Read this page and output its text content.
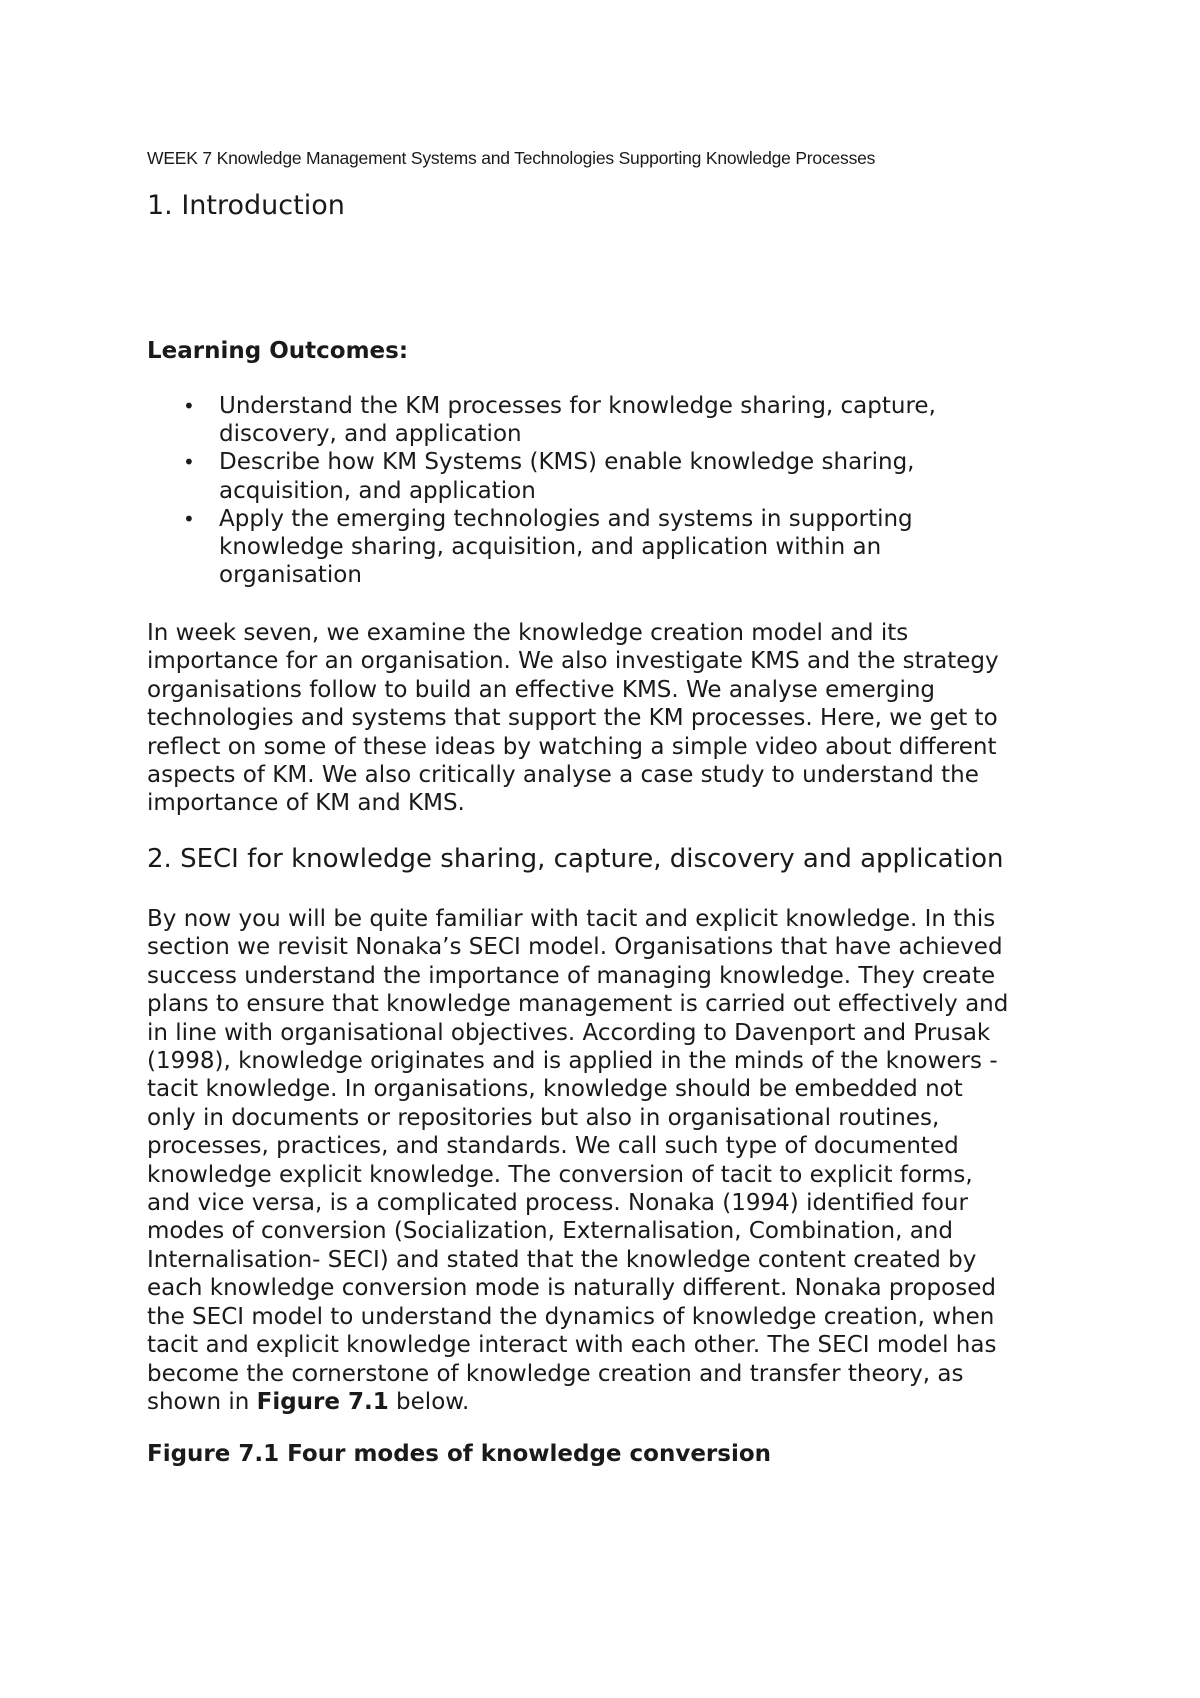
WEEK 7 Knowledge Management Systems and Technologies Supporting Knowledge Processes
1. Introduction
Learning Outcomes:
• Understand the KM processes for knowledge sharing, capture,
discovery, and application
• Describe how KM Systems (KMS) enable knowledge sharing,
acquisition, and application
• Apply the emerging technologies and systems in supporting
knowledge sharing, acquisition, and application within an
organisation
In week seven, we examine the knowledge creation model and its
importance for an organisation. We also investigate KMS and the strategy
organisations follow to build an effective KMS. We analyse emerging
technologies and systems that support the KM processes. Here, we get to
reflect on some of these ideas by watching a simple video about different
aspects of KM. We also critically analyse a case study to understand the
importance of KM and KMS.
2. SECI for knowledge sharing, capture, discovery and application
By now you will be quite familiar with tacit and explicit knowledge. In this
section we revisit Nonaka’s SECI model. Organisations that have achieved
success understand the importance of managing knowledge. They create
plans to ensure that knowledge management is carried out effectively and
in line with organisational objectives. According to Davenport and Prusak
(1998), knowledge originates and is applied in the minds of the knowers -
tacit knowledge. In organisations, knowledge should be embedded not
only in documents or repositories but also in organisational routines,
processes, practices, and standards. We call such type of documented
knowledge explicit knowledge. The conversion of tacit to explicit forms,
and vice versa, is a complicated process. Nonaka (1994) identified four
modes of conversion (Socialization, Externalisation, Combination, and
Internalisation- SECI) and stated that the knowledge content created by
each knowledge conversion mode is naturally different. Nonaka proposed
the SECI model to understand the dynamics of knowledge creation, when
tacit and explicit knowledge interact with each other. The SECI model has
become the cornerstone of knowledge creation and transfer theory, as
shown in Figure 7.1 below.
Figure 7.1 Four modes of knowledge conversion
